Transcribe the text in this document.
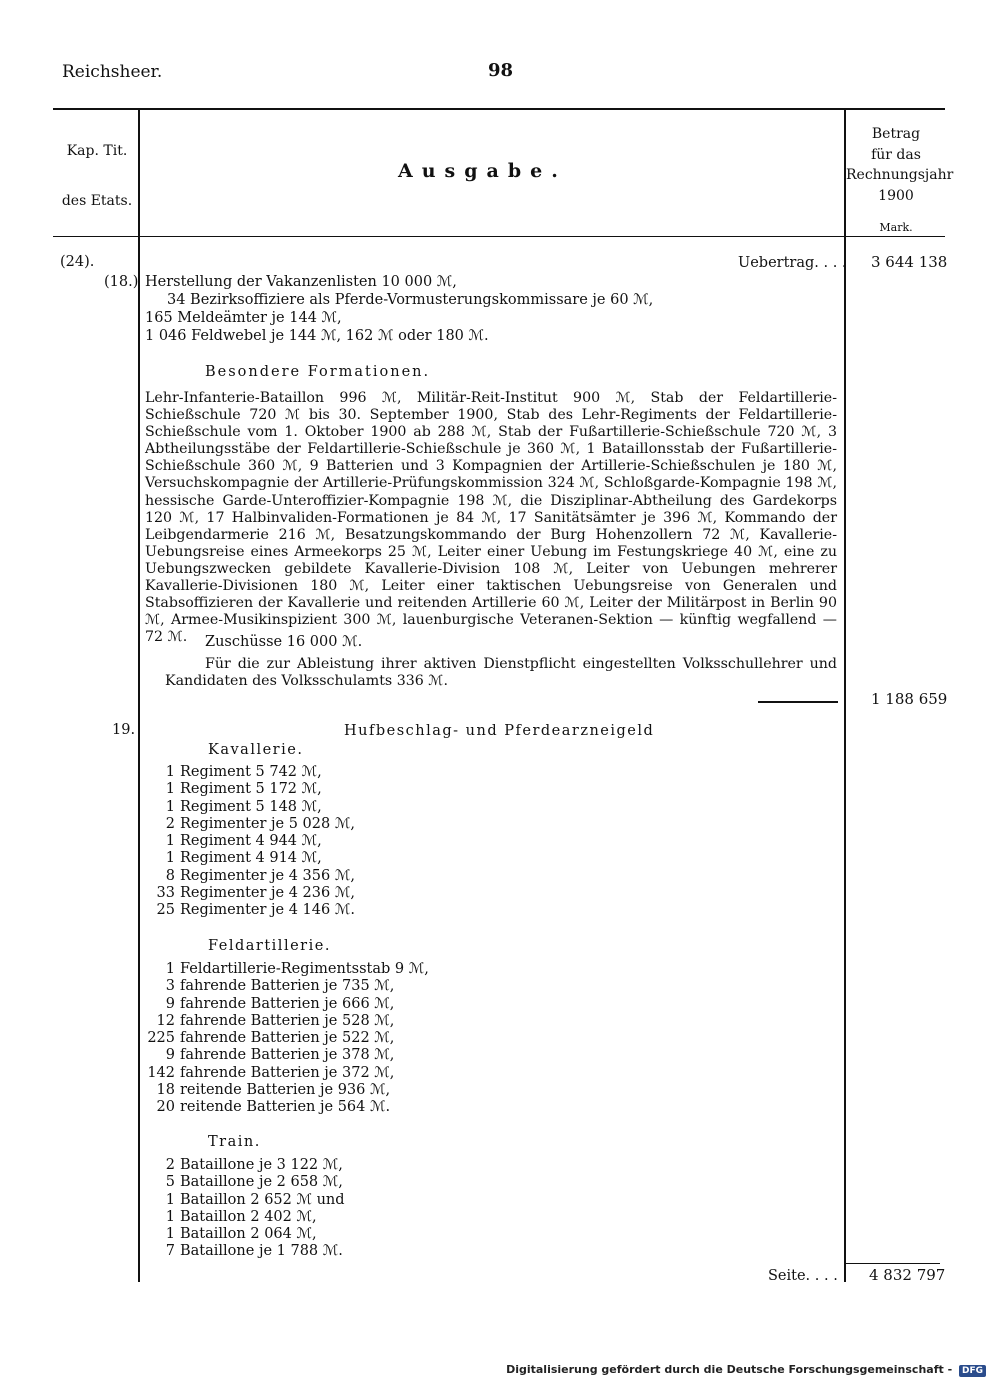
Reichsheer.	98
Kap. Tit.
des Etats.
Ausgabe.
Betrag
für das
Rechnungsjahr
1900
Mark.
(24).	Uebertrag. . . . 3 644 138
(18.) Herstellung der Vakanzenlisten 10 000 ℳ,
34 Bezirksoffiziere als Pferde-Vormusterungskommissare je 60 ℳ,
165 Meldeämter je 144 ℳ,
1 046 Feldwebel je 144 ℳ, 162 ℳ oder 180 ℳ.
Besondere Formationen.
Lehr-Infanterie-Bataillon 996 ℳ, Militär-Reit-Institut 900 ℳ, Stab der Feldartillerie-Schießschule 720 ℳ bis 30. September 1900, Stab des Lehr-Regiments der Feldartillerie-Schießschule vom 1. Oktober 1900 ab 288 ℳ, Stab der Fußartillerie-Schießschule 720 ℳ, 3 Abtheilungsstäbe der Feldartillerie-Schießschule je 360 ℳ, 1 Bataillonsstab der Fußartillerie-Schießschule 360 ℳ, 9 Batterien und 3 Kompagnien der Artillerie-Schießschulen je 180 ℳ, Versuchskompagnie der Artillerie-Prüfungskommission 324 ℳ, Schloßgarde-Kompagnie 198 ℳ, hessische Garde-Unteroffizier-Kompagnie 198 ℳ, die Disziplinar-Abtheilung des Gardekorps 120 ℳ, 17 Halbinvaliden-Formationen je 84 ℳ, 17 Sanitätsämter je 396 ℳ, Kommando der Leibgendarmerie 216 ℳ, Besatzungskommando der Burg Hohenzollern 72 ℳ, Kavallerie-Uebungsreise eines Armeekorps 25 ℳ, Leiter einer Uebung im Festungskriege 40 ℳ, eine zu Uebungszwecken gebildete Kavallerie-Division 108 ℳ, Leiter von Uebungen mehrerer Kavallerie-Divisionen 180 ℳ, Leiter einer taktischen Uebungsreise von Generalen und Stabsoffizieren der Kavallerie und reitenden Artillerie 60 ℳ, Leiter der Militärpost in Berlin 90 ℳ, Armee-Musikinspizient 300 ℳ, lauenburgische Veteranen-Sektion — künftig wegfallend — 72 ℳ.	Zuschüsse 16 000 ℳ.
Für die zur Ableistung ihrer aktiven Dienstpflicht eingestellten Volksschullehrer und Kandidaten des Volksschulamts 336 ℳ.
1 188 659
19.	Hufbeschlag- und Pferdearzneigeld
Kavallerie.
1 Regiment 5 742 ℳ,
1 Regiment 5 172 ℳ,
1 Regiment 5 148 ℳ,
2 Regimenter je 5 028 ℳ,
1 Regiment 4 944 ℳ,
1 Regiment 4 914 ℳ,
8 Regimenter je 4 356 ℳ,
33 Regimenter je 4 236 ℳ,
25 Regimenter je 4 146 ℳ.
Feldartillerie.
1 Feldartillerie-Regimentsstab 9 ℳ,
3 fahrende Batterien je 735 ℳ,
9 fahrende Batterien je 666 ℳ,
12 fahrende Batterien je 528 ℳ,
225 fahrende Batterien je 522 ℳ,
9 fahrende Batterien je 378 ℳ,
142 fahrende Batterien je 372 ℳ,
18 reitende Batterien je 936 ℳ,
20 reitende Batterien je 564 ℳ.
Train.
2 Bataillone je 3 122 ℳ,
5 Bataillone je 2 658 ℳ,
1 Bataillon 2 652 ℳ und
1 Bataillon 2 402 ℳ,
1 Bataillon 2 064 ℳ,
7 Bataillone je 1 788 ℳ.
Seite. . . . 4 832 797
Digitalisierung gefördert durch die Deutsche Forschungsgemeinschaft - DFG
